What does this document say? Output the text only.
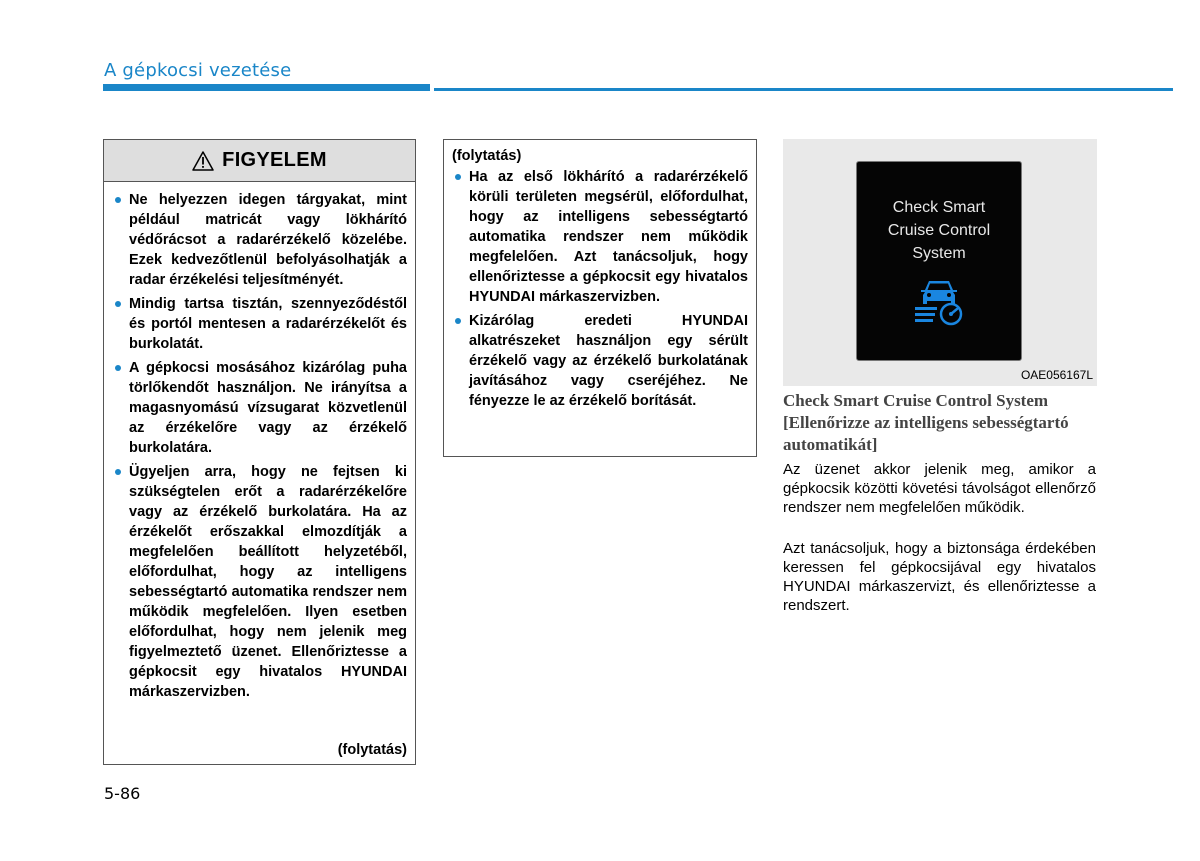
A gépkocsi vezetése
FIGYELEM
Ne helyezzen idegen tárgyakat, mint például matricát vagy lökhárító védőrácsot a radarérzékelő közelébe. Ezek kedvezőtlenül befolyásolhatják a radar érzékelési teljesítményét.
Mindig tartsa tisztán, szennyeződéstől és portól mentesen a radarérzékelőt és burkolatát.
A gépkocsi mosásához kizárólag puha törlőkendőt használjon. Ne irányítsa a magasnyomású vízsugarat közvetlenül az érzékelőre vagy az érzékelő burkolatára.
Ügyeljen arra, hogy ne fejtsen ki szükségtelen erőt a radarérzékelőre vagy az érzékelő burkolatára. Ha az érzékelőt erőszakkal elmozdítják a megfelelően beállított helyzetéből, előfordulhat, hogy az intelligens sebességtartó automatika rendszer nem működik megfelelően. Ilyen esetben előfordulhat, hogy nem jelenik meg figyelmeztető üzenet. Ellenőriztesse a gépkocsit egy hivatalos HYUNDAI márkaszervizben.
(folytatás)
(folytatás)
Ha az első lökhárító a radarérzékelő körüli területen megsérül, előfordulhat, hogy az intelligens sebességtartó automatika rendszer nem működik megfelelően. Azt tanácsoljuk, hogy ellenőriztesse a gépkocsit egy hivatalos HYUNDAI márkaszervizben.
Kizárólag eredeti HYUNDAI alkatrészeket használjon egy sérült érzékelő vagy az érzékelő burkolatának javításához vagy cseréjéhez. Ne fényezze le az érzékelő borítását.
Check Smart
Cruise Control
System
OAE056167L
Check Smart Cruise Control System [Ellenőrizze az intelligens sebességtartó automatikát]
Az üzenet akkor jelenik meg, amikor a gépkocsik közötti követési távolságot ellenőrző rendszer nem megfelelően működik.
Azt tanácsoljuk, hogy a biztonsága érdekében keressen fel gépkocsijával egy hivatalos HYUNDAI márkaszervizt, és ellenőriztesse a rendszert.
5-86
